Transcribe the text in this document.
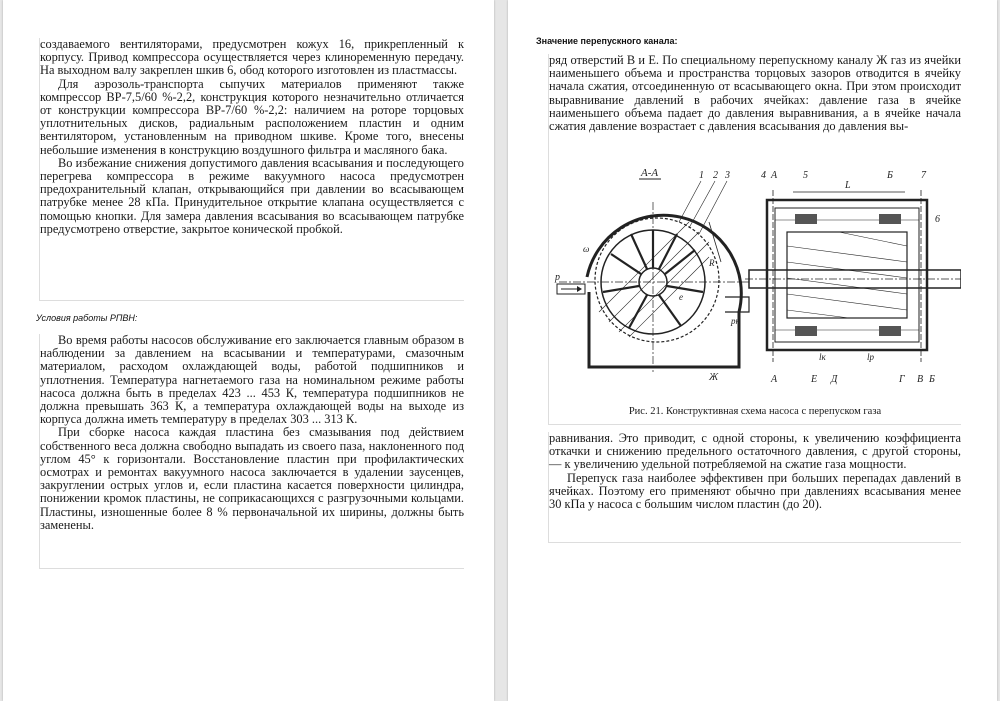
создаваемого вентиляторами, предусмотрен кожух 16, прикрепленный к корпусу. Привод компрессора осуществляется через клиноременную передачу. На выходном валу закреплен шкив 6, обод которого изготовлен из пластмассы.

Для аэрозоль-транспорта сыпучих материалов применяют также компрессор ВР-7,5/60 %-2,2, конструкция которого незначительно отличается от конструкции компрессора ВР-7/60 %-2,2: наличием на роторе торцовых уплотнительных дисков, радиальным расположением пластин и одним вентилятором, установленным на приводном шкиве. Кроме того, внесены небольшие изменения в конструкцию воздушного фильтра и масляного бака.

Во избежание снижения допустимого давления всасывания и последующего перегрева компрессора в режиме вакуумного насоса предусмотрен предохранительный клапан, открывающийся при давлении во всасывающем патрубке менее 28 кПа. Принудительное открытие клапана осуществляется с помощью кнопки. Для замера давления всасывания во всасывающем патрубке предусмотрено отверстие, закрытое конической пробкой.

Условия работы РПВН:

Во время работы насосов обслуживание его заключается главным образом в наблюдении за давлением на всасывании и температурами, смазочным материалом, расходом охлаждающей воды, работой подшипников и уплотнения. Температура нагнетаемого газа на номинальном режиме работы насоса должна быть в пределах 423 ... 453 К, температура подшипников не должна превышать 363 К, а температура охлаждающей воды на выходе из корпуса должна иметь температуру в пределах 303 ... 313 К.

При сборке насоса каждая пластина без смазывания под действием собственного веса должна свободно выпадать из своего паза, наклоненного под углом 45° к горизонтали. Восстановление пластин при профилактических осмотрах и ремонтах вакуумного насоса заключается в удалении заусенцев, закруглении острых углов и, если пластина касается поверхности цилиндра, понижении кромок пластины, не соприкасающихся с разгрузочными кольцами. Пластины, изношенные более 8 % первоначальной их ширины, должны быть заменены.

Значение перепускного канала:

ряд отверстий В и Е. По специальному перепускному каналу Ж газ из ячейки наименьшего объема и пространства торцовых зазоров отводится в ячейку начала сжатия, отсоединенную от всасывающего окна. При этом происходит выравнивание давлений в рабочих ячейках: давление газа в ячейке наименьшего объема падает до давления выравнивания, а в ячейке начала сжатия давление возрастает с давления всасывания до давления вы-

А-А
p
pн
R
ω
e
1 2 3
Ж
L
4 А	5	Б	7
6
lк	lр
А	Е Д	Г В Б
Рис. 21. Конструктивная схема насоса с перепуском газа

равнивания. Это приводит, с одной стороны, к увеличению коэффициента откачки и снижению предельного остаточного давления, с другой стороны, — к увеличению удельной потребляемой на сжатие газа мощности.

Перепуск газа наиболее эффективен при больших перепадах давлений в ячейках. Поэтому его применяют обычно при давлениях всасывания менее 30 кПа у насоса с большим числом пластин (до 20).
